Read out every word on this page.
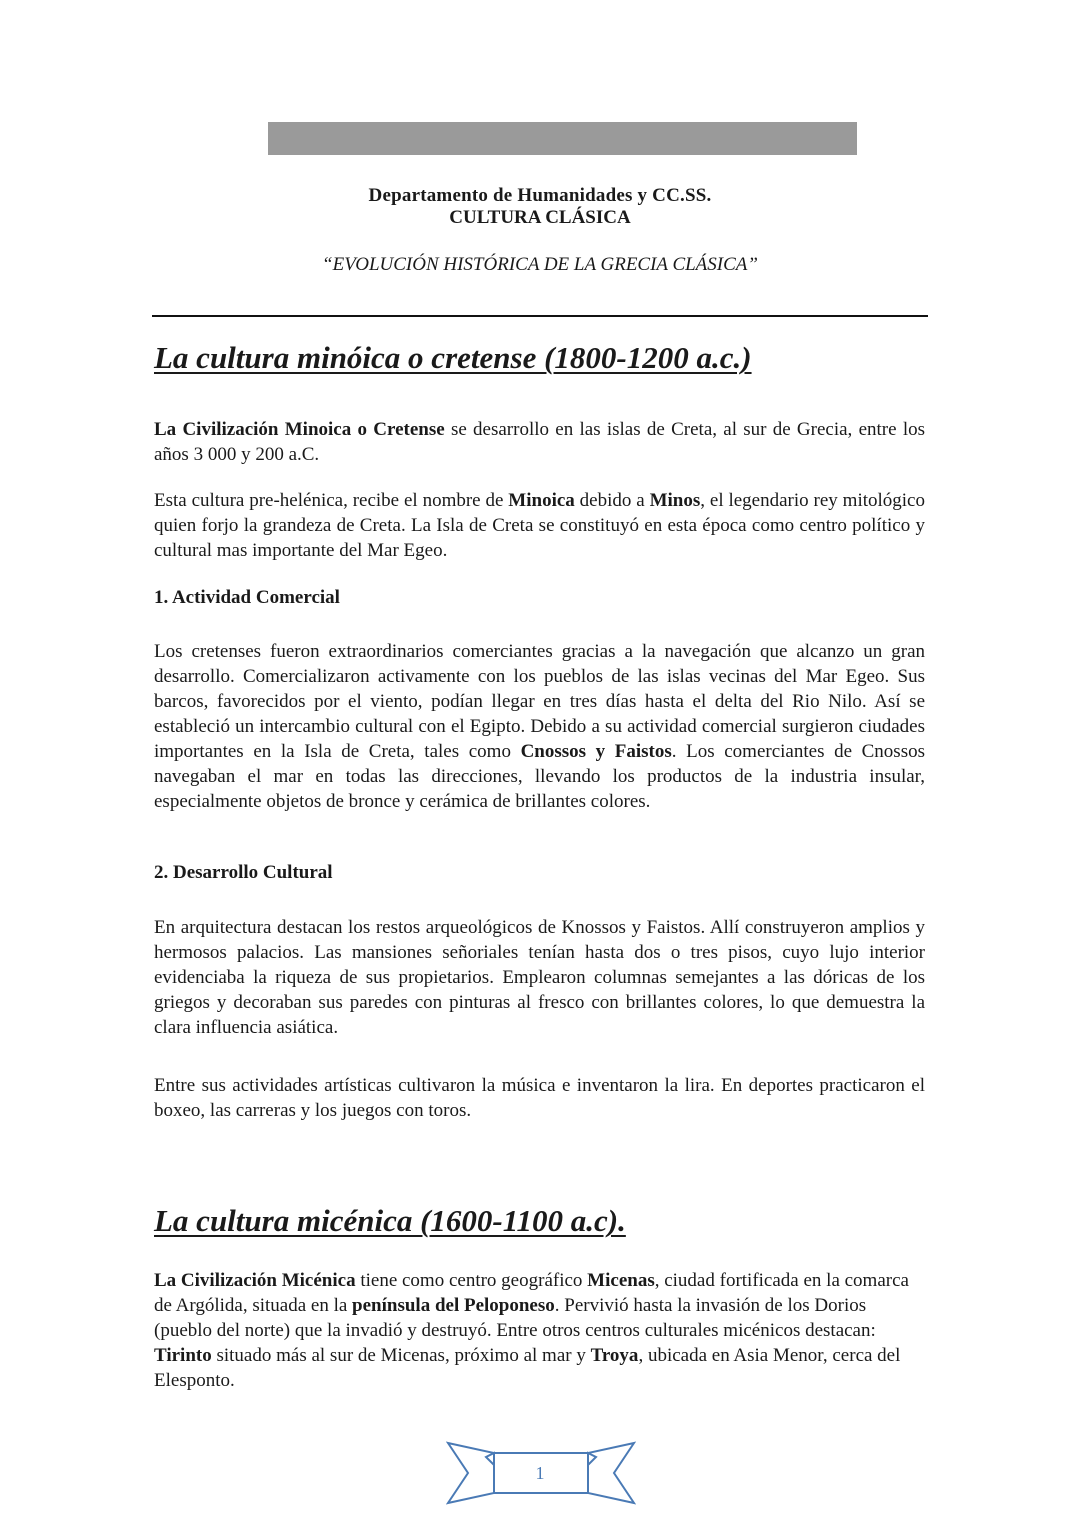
Departamento de Humanidades y CC.SS.
CULTURA CLÁSICA
“EVOLUCIÓN HISTÓRICA DE LA GRECIA CLÁSICA”
La cultura minóica o cretense (1800-1200 a.c.)

La Civilización Minoica o Cretense se desarrollo en las islas de Creta, al sur de Grecia, entre los años 3 000 y 200 a.C.

Esta cultura pre-helénica, recibe el nombre de Minoica debido a Minos, el legendario rey mitológico quien forjo la grandeza de Creta. La Isla de Creta se constituyó en esta época como centro político y cultural mas importante del Mar Egeo.

1. Actividad Comercial

Los cretenses fueron extraordinarios comerciantes gracias a la navegación que alcanzo un gran desarrollo. Comercializaron activamente con los pueblos de las islas vecinas del Mar Egeo. Sus barcos, favorecidos por el viento, podían llegar en tres días hasta el delta del Rio Nilo. Así se estableció un intercambio cultural con el Egipto. Debido a su actividad comercial surgieron ciudades importantes en la Isla de Creta, tales como Cnossos y Faistos. Los comerciantes de Cnossos navegaban el mar en todas las direcciones, llevando los productos de la industria insular, especialmente objetos de bronce y cerámica de brillantes colores.

2. Desarrollo Cultural

En arquitectura destacan los restos arqueológicos de Knossos y Faistos. Allí construyeron amplios y hermosos palacios. Las mansiones señoriales tenían hasta dos o tres pisos, cuyo lujo interior evidenciaba la riqueza de sus propietarios. Emplearon columnas semejantes a las dóricas de los griegos y decoraban sus paredes con pinturas al fresco con brillantes colores, lo que demuestra la clara influencia asiática.

Entre sus actividades artísticas cultivaron la música e inventaron la lira. En deportes practicaron el boxeo, las carreras y los juegos con toros.

La cultura micénica (1600-1100 a.c).

La Civilización Micénica tiene como centro geográfico Micenas, ciudad fortificada en la comarca de Argólida, situada en la península del Peloponeso. Pervivió hasta la invasión de los Dorios (pueblo del norte) que la invadió y destruyó. Entre otros centros culturales micénicos destacan: Tirinto situado más al sur de Micenas, próximo al mar y Troya, ubicada en Asia Menor, cerca del Elesponto.

1
